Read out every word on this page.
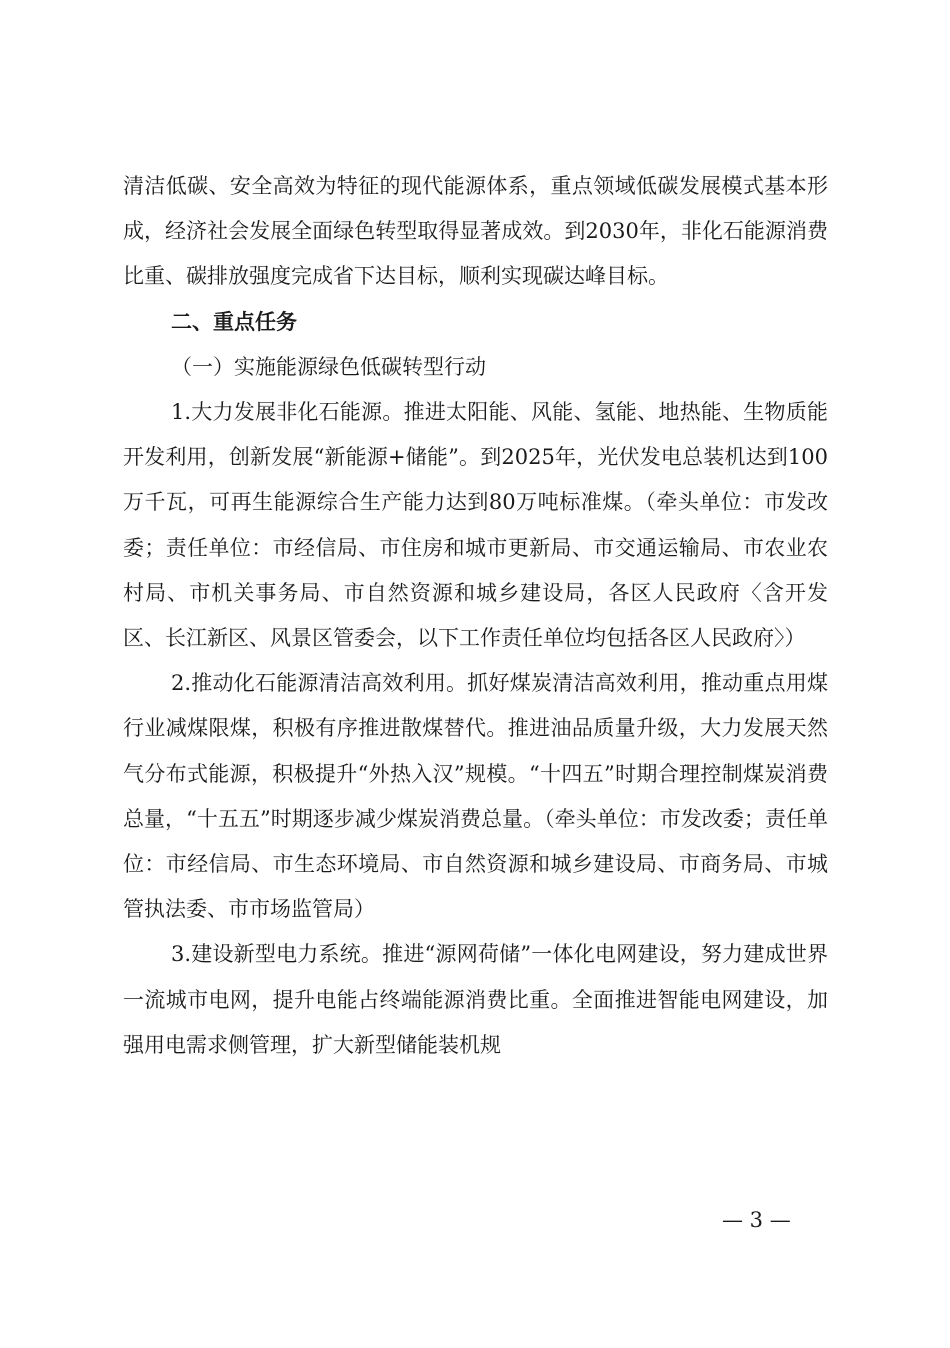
清洁低碳、安全高效为特征的现代能源体系，重点领域低碳发展模式基本形成，经济社会发展全面绿色转型取得显著成效。到2030年，非化石能源消费比重、碳排放强度完成省下达目标，顺利实现碳达峰目标。

二、重点任务

（一）实施能源绿色低碳转型行动

1.大力发展非化石能源。推进太阳能、风能、氢能、地热能、生物质能开发利用，创新发展“新能源+储能”。到2025年，光伏发电总装机达到100万千瓦，可再生能源综合生产能力达到80万吨标准煤。（牵头单位：市发改委；责任单位：市经信局、市住房和城市更新局、市交通运输局、市农业农村局、市机关事务局、市自然资源和城乡建设局，各区人民政府〈含开发区、长江新区、风景区管委会，以下工作责任单位均包括各区人民政府〉）

2.推动化石能源清洁高效利用。抓好煤炭清洁高效利用，推动重点用煤行业减煤限煤，积极有序推进散煤替代。推进油品质量升级，大力发展天然气分布式能源，积极提升“外热入汉”规模。“十四五”时期合理控制煤炭消费总量，“十五五”时期逐步减少煤炭消费总量。（牵头单位：市发改委；责任单位：市经信局、市生态环境局、市自然资源和城乡建设局、市商务局、市城管执法委、市市场监管局）

3.建设新型电力系统。推进“源网荷储”一体化电网建设，努力建成世界一流城市电网，提升电能占终端能源消费比重。全面推进智能电网建设，加强用电需求侧管理，扩大新型储能装机规

— 3 —
